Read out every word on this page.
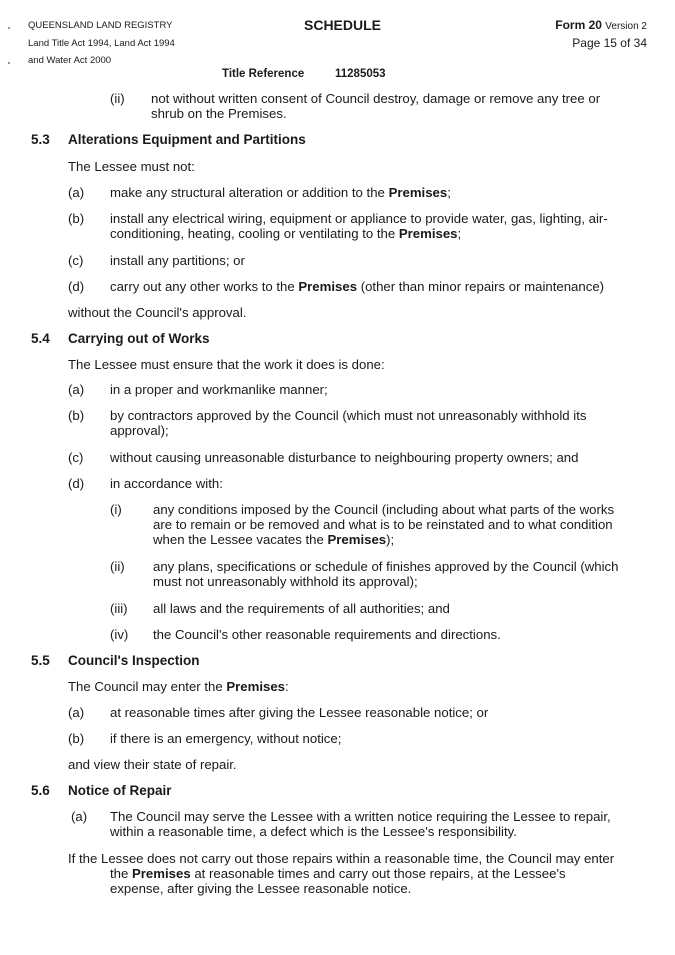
QUEENSLAND LAND REGISTRY
Land Title Act 1994, Land Act 1994
and Water Act 2000
SCHEDULE	Form 20 Version 2
Page 15 of 34
Title Reference	11285053
(ii) not without written consent of Council destroy, damage or remove any tree or shrub on the Premises.
5.3 Alterations Equipment and Partitions
The Lessee must not:
(a) make any structural alteration or addition to the Premises;
(b) install any electrical wiring, equipment or appliance to provide water, gas, lighting, air-conditioning, heating, cooling or ventilating to the Premises;
(c) install any partitions; or
(d) carry out any other works to the Premises (other than minor repairs or maintenance)
without the Council's approval.
5.4 Carrying out of Works
The Lessee must ensure that the work it does is done:
(a) in a proper and workmanlike manner;
(b) by contractors approved by the Council (which must not unreasonably withhold its approval);
(c) without causing unreasonable disturbance to neighbouring property owners; and
(d) in accordance with:
(i) any conditions imposed by the Council (including about what parts of the works are to remain or be removed and what is to be reinstated and to what condition when the Lessee vacates the Premises);
(ii) any plans, specifications or schedule of finishes approved by the Council (which must not unreasonably withhold its approval);
(iii) all laws and the requirements of all authorities; and
(iv) the Council's other reasonable requirements and directions.
5.5 Council's Inspection
The Council may enter the Premises:
(a) at reasonable times after giving the Lessee reasonable notice; or
(b) if there is an emergency, without notice;
and view their state of repair.
5.6 Notice of Repair
(a) The Council may serve the Lessee with a written notice requiring the Lessee to repair, within a reasonable time, a defect which is the Lessee's responsibility.
If the Lessee does not carry out those repairs within a reasonable time, the Council may enter
the Premises at reasonable times and carry out those repairs, at the Lessee's expense, after giving the Lessee reasonable notice.
